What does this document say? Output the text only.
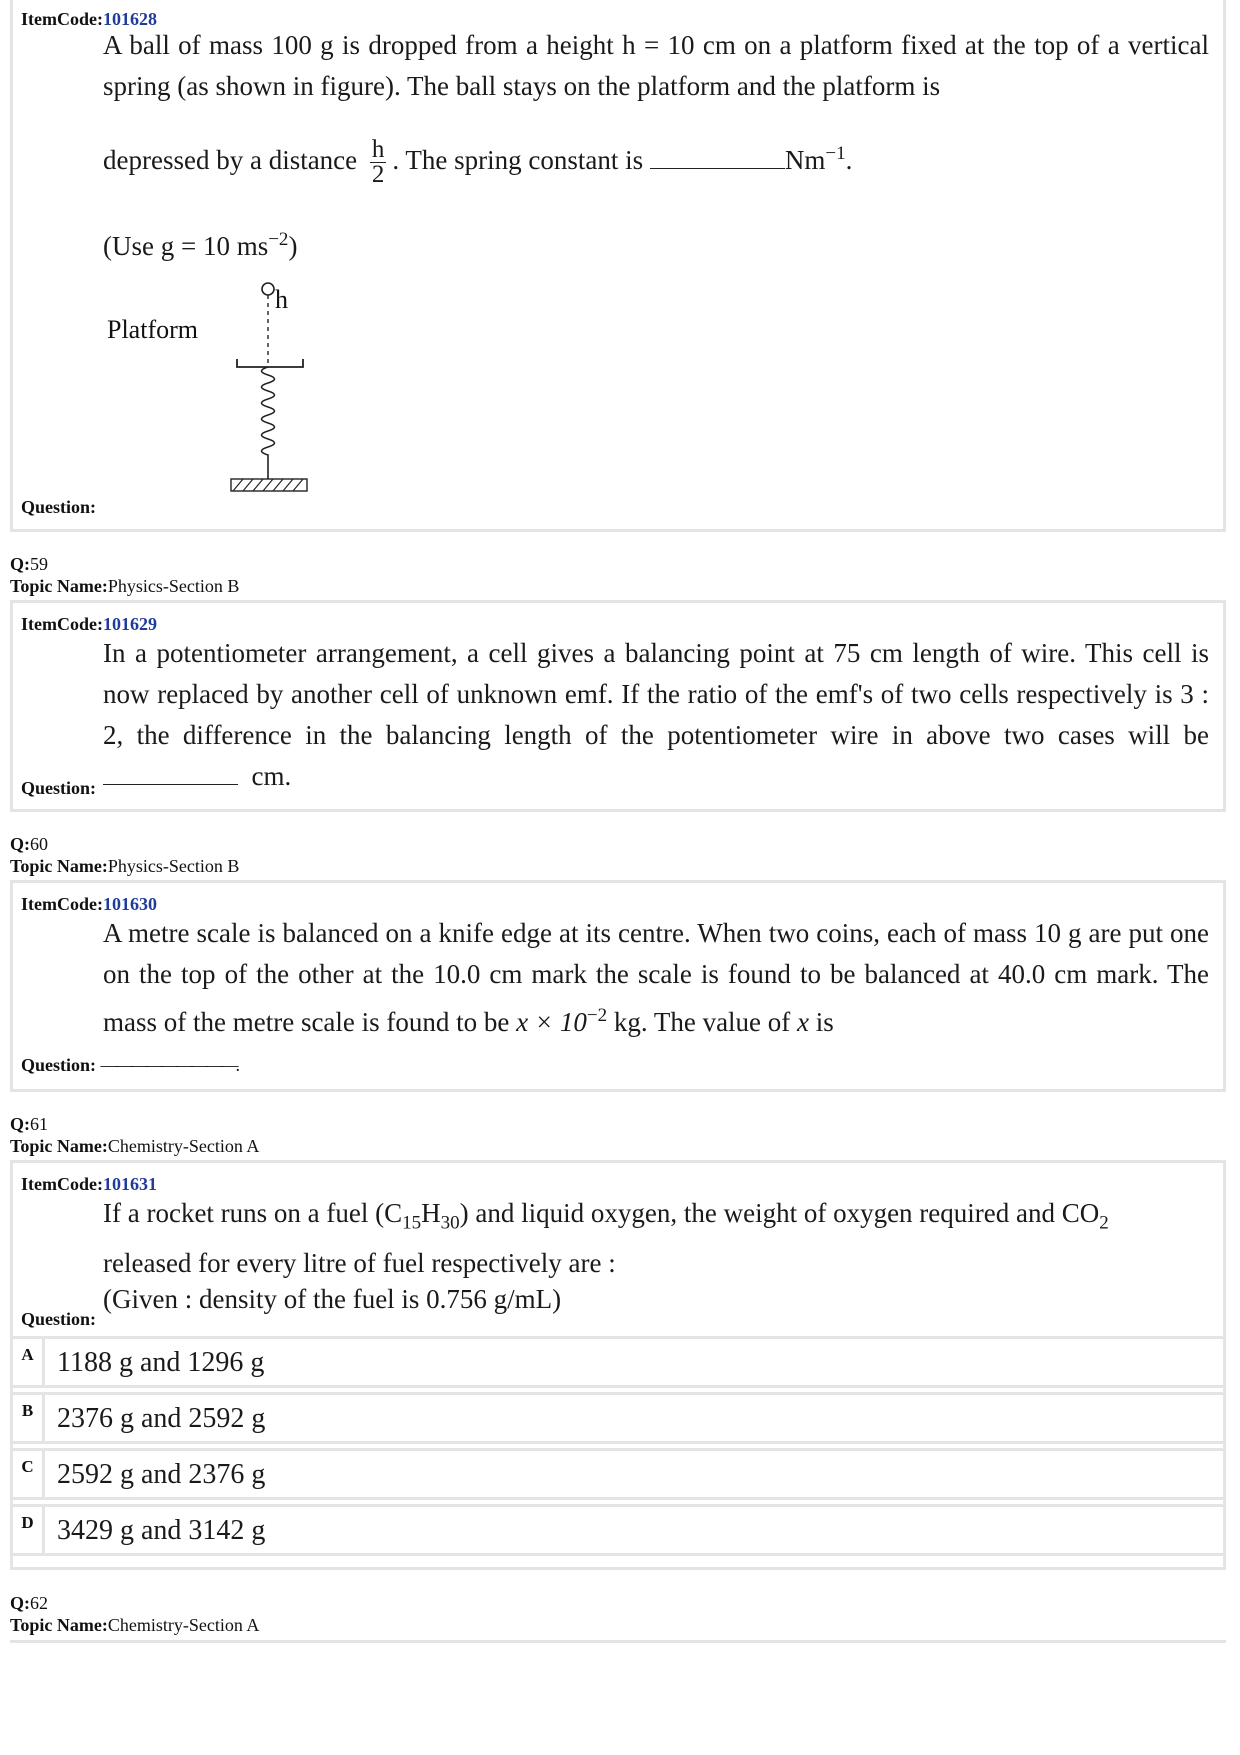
ItemCode:101628
A ball of mass 100 g is dropped from a height h = 10 cm on a platform fixed at the top of a vertical spring (as shown in figure). The ball stays on the platform and the platform is
depressed by a distance $\frac{h}{2}$ . The spring constant is	$Nm^{-1}$.
(Use g = 10 $ms^{-2}$)
h
Platform
Question:
Q:59
Topic Name:Physics-Section B
ItemCode:101629
In a potentiometer arrangement, a cell gives a balancing point at 75 cm length of wire. This cell is now replaced by another cell of unknown emf. If the ratio of the emf's of two cells respectively is 3 : 2, the difference in the balancing length of the potentiometer wire in above two cases will be   cm.
Question:
Q:60
Topic Name:Physics-Section B
ItemCode:101630
A metre scale is balanced on a knife edge at its centre. When two coins, each of mass 10 g are put one on the top of the other at the 10.0 cm mark the scale is found to be balanced at 40.0 cm mark. The mass of the metre scale is found to be $x \times 10^{-2}$ kg. The value of x is
Question: —————————.
Q:61
Topic Name:Chemistry-Section A
ItemCode:101631
If a rocket runs on a fuel $(C_{15}H_{30})$ and liquid oxygen, the weight of oxygen required and $CO_2$
released for every litre of fuel respectively are :
(Given : density of the fuel is 0.756 g/mL)
Question:
A 1188 g and 1296 g
B 2376 g and 2592 g
C 2592 g and 2376 g
D 3429 g and 3142 g
Q:62
Topic Name:Chemistry-Section A
